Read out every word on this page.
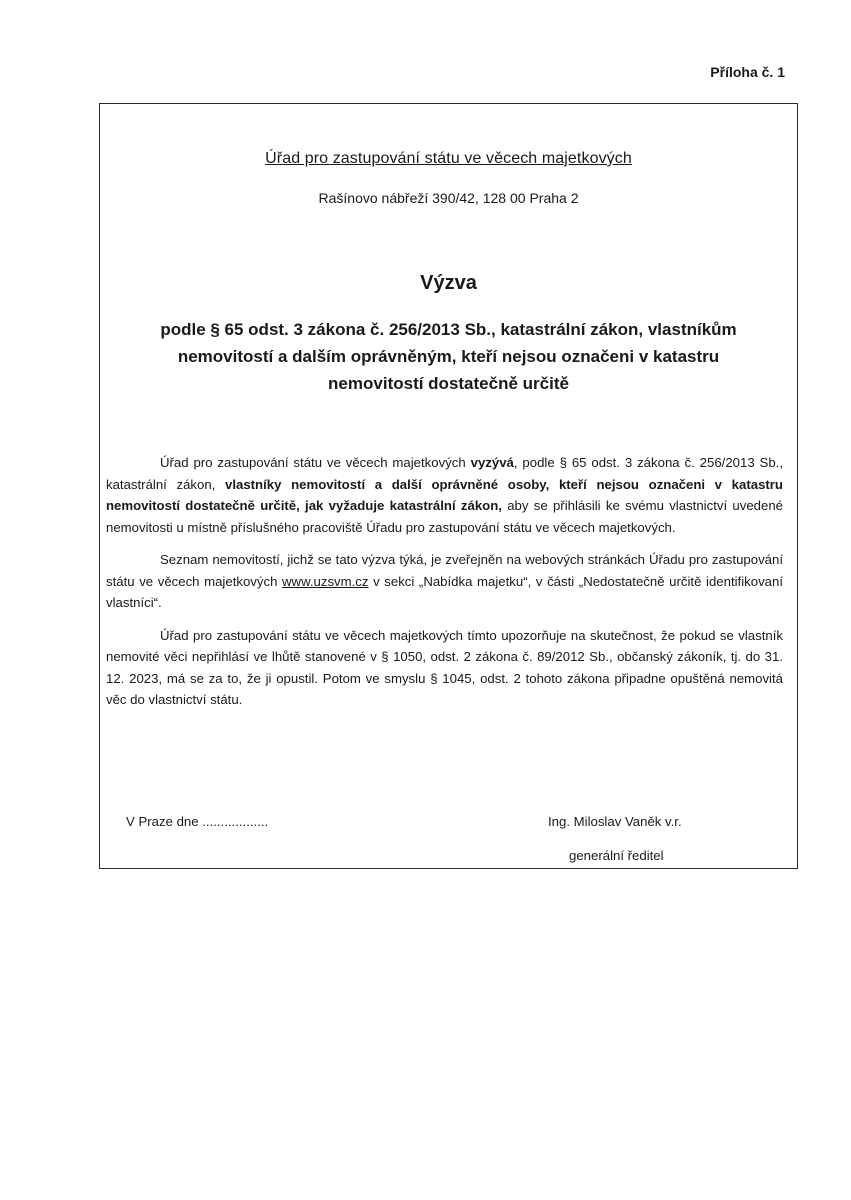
Příloha č. 1
Úřad pro zastupování státu ve věcech majetkových
Rašínovo nábřeží 390/42, 128 00 Praha 2
Výzva
podle § 65 odst. 3 zákona č. 256/2013 Sb., katastrální zákon, vlastníkům nemovitostí a dalším oprávněným, kteří nejsou označeni v katastru nemovitostí dostatečně určitě

Úřad pro zastupování státu ve věcech majetkových vyzývá, podle § 65 odst. 3 zákona č. 256/2013 Sb., katastrální zákon, vlastníky nemovitostí a další oprávněné osoby, kteří nejsou označeni v katastru nemovitostí dostatečně určitě, jak vyžaduje katastrální zákon, aby se přihlásili ke svému vlastnictví uvedené nemovitosti u místně příslušného pracoviště Úřadu pro zastupování státu ve věcech majetkových.

Seznam nemovitostí, jichž se tato výzva týká, je zveřejněn na webových stránkách Úřadu pro zastupování státu ve věcech majetkových www.uzsvm.cz v sekci „Nabídka majetku“, v části „Nedostatečně určitě identifikovaní vlastníci“.

Úřad pro zastupování státu ve věcech majetkových tímto upozorňuje na skutečnost, že pokud se vlastník nemovité věci nepřihlásí ve lhůtě stanovené v § 1050, odst. 2 zákona č. 89/2012 Sb., občanský zákoník, tj. do 31. 12. 2023, má se za to, že ji opustil. Potom ve smyslu § 1045, odst. 2 tohoto zákona připadne opuštěná nemovitá věc do vlastnictví státu.

V Praze dne ..................	Ing. Miloslav Vaněk v.r.
generální ředitel
